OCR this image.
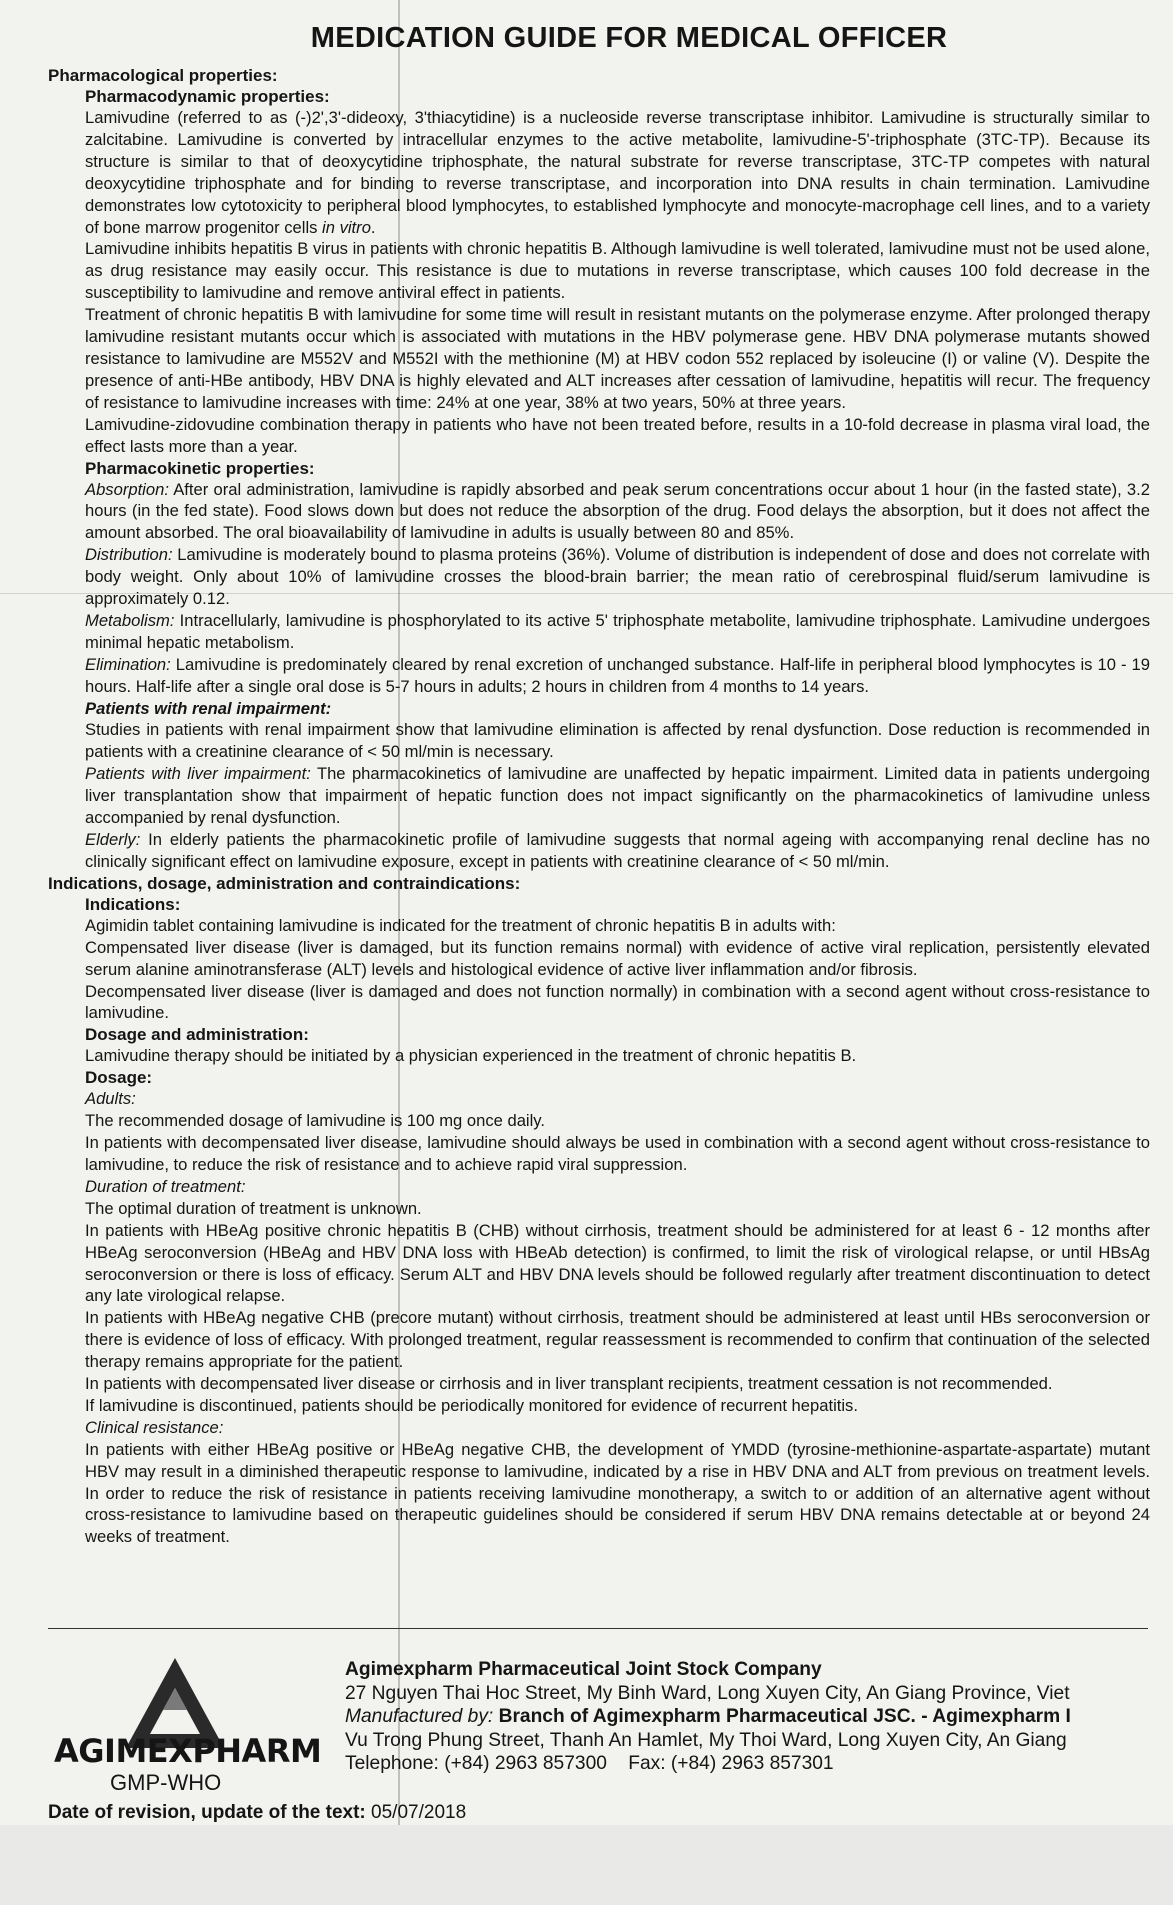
MEDICATION GUIDE FOR MEDICAL OFFICER
Pharmacological properties:
Pharmacodynamic properties:
Lamivudine (referred to as (-)2',3'-dideoxy, 3'thiacytidine) is a nucleoside reverse transcriptase inhibitor. Lamivudine is structurally similar to zalcitabine. Lamivudine is converted by intracellular enzymes to the active metabolite, lamivudine-5'-triphosphate (3TC-TP). Because its structure is similar to that of deoxycytidine triphosphate, the natural substrate for reverse transcriptase, 3TC-TP competes with natural deoxycytidine triphosphate and for binding to reverse transcriptase, and incorporation into DNA results in chain termination. Lamivudine demonstrates low cytotoxicity to peripheral blood lymphocytes, to established lymphocyte and monocyte-macrophage cell lines, and to a variety of bone marrow progenitor cells in vitro.
Lamivudine inhibits hepatitis B virus in patients with chronic hepatitis B. Although lamivudine is well tolerated, lamivudine must not be used alone, as drug resistance may easily occur. This resistance is due to mutations in reverse transcriptase, which causes 100 fold decrease in the susceptibility to lamivudine and remove antiviral effect in patients.
Treatment of chronic hepatitis B with lamivudine for some time will result in resistant mutants on the polymerase enzyme. After prolonged therapy lamivudine resistant mutants occur which is associated with mutations in the HBV polymerase gene. HBV DNA polymerase mutants showed resistance to lamivudine are M552V and M552I with the methionine (M) at HBV codon 552 replaced by isoleucine (I) or valine (V). Despite the presence of anti-HBe antibody, HBV DNA is highly elevated and ALT increases after cessation of lamivudine, hepatitis will recur. The frequency of resistance to lamivudine increases with time: 24% at one year, 38% at two years, 50% at three years.
Lamivudine-zidovudine combination therapy in patients who have not been treated before, results in a 10-fold decrease in plasma viral load, the effect lasts more than a year.
Pharmacokinetic properties:
Absorption: After oral administration, lamivudine is rapidly absorbed and peak serum concentrations occur about 1 hour (in the fasted state), 3.2 hours (in the fed state). Food slows down but does not reduce the absorption of the drug. Food delays the absorption, but it does not affect the amount absorbed. The oral bioavailability of lamivudine in adults is usually between 80 and 85%.
Distribution: Lamivudine is moderately bound to plasma proteins (36%). Volume of distribution is independent of dose and does not correlate with body weight. Only about 10% of lamivudine crosses the blood-brain barrier; the mean ratio of cerebrospinal fluid/serum lamivudine is approximately 0.12.
Metabolism: Intracellularly, lamivudine is phosphorylated to its active 5' triphosphate metabolite, lamivudine triphosphate. Lamivudine undergoes minimal hepatic metabolism.
Elimination: Lamivudine is predominately cleared by renal excretion of unchanged substance. Half-life in peripheral blood lymphocytes is 10 - 19 hours. Half-life after a single oral dose is 5-7 hours in adults; 2 hours in children from 4 months to 14 years.
Patients with renal impairment:
Studies in patients with renal impairment show that lamivudine elimination is affected by renal dysfunction. Dose reduction is recommended in patients with a creatinine clearance of < 50 ml/min is necessary.
Patients with liver impairment: The pharmacokinetics of lamivudine are unaffected by hepatic impairment. Limited data in patients undergoing liver transplantation show that impairment of hepatic function does not impact significantly on the pharmacokinetics of lamivudine unless accompanied by renal dysfunction.
Elderly: In elderly patients the pharmacokinetic profile of lamivudine suggests that normal ageing with accompanying renal decline has no clinically significant effect on lamivudine exposure, except in patients with creatinine clearance of < 50 ml/min.
Indications, dosage, administration and contraindications:
Indications:
Agimidin tablet containing lamivudine is indicated for the treatment of chronic hepatitis B in adults with:
Compensated liver disease (liver is damaged, but its function remains normal) with evidence of active viral replication, persistently elevated serum alanine aminotransferase (ALT) levels and histological evidence of active liver inflammation and/or fibrosis.
Decompensated liver disease (liver is damaged and does not function normally) in combination with a second agent without cross-resistance to lamivudine.
Dosage and administration:
Lamivudine therapy should be initiated by a physician experienced in the treatment of chronic hepatitis B.
Dosage:
Adults:
The recommended dosage of lamivudine is 100 mg once daily.
In patients with decompensated liver disease, lamivudine should always be used in combination with a second agent without cross-resistance to lamivudine, to reduce the risk of resistance and to achieve rapid viral suppression.
Duration of treatment:
The optimal duration of treatment is unknown.
In patients with HBeAg positive chronic hepatitis B (CHB) without cirrhosis, treatment should be administered for at least 6 - 12 months after HBeAg seroconversion (HBeAg and HBV DNA loss with HBeAb detection) is confirmed, to limit the risk of virological relapse, or until HBsAg seroconversion or there is loss of efficacy. Serum ALT and HBV DNA levels should be followed regularly after treatment discontinuation to detect any late virological relapse.
In patients with HBeAg negative CHB (precore mutant) without cirrhosis, treatment should be administered at least until HBs seroconversion or there is evidence of loss of efficacy. With prolonged treatment, regular reassessment is recommended to confirm that continuation of the selected therapy remains appropriate for the patient.
In patients with decompensated liver disease or cirrhosis and in liver transplant recipients, treatment cessation is not recommended.
If lamivudine is discontinued, patients should be periodically monitored for evidence of recurrent hepatitis.
Clinical resistance:
In patients with either HBeAg positive or HBeAg negative CHB, the development of YMDD (tyrosine-methionine-aspartate-aspartate) mutant HBV may result in a diminished therapeutic response to lamivudine, indicated by a rise in HBV DNA and ALT from previous on treatment levels. In order to reduce the risk of resistance in patients receiving lamivudine monotherapy, a switch to or addition of an alternative agent without cross-resistance to lamivudine based on therapeutic guidelines should be considered if serum HBV DNA remains detectable at or beyond 24 weeks of treatment.
AGIMEXPHARM
GMP-WHO
Date of revision, update of the text: 05/07/2018
Agimexpharm Pharmaceutical Joint Stock Company
27 Nguyen Thai Hoc Street, My Binh Ward, Long Xuyen City, An Giang Province, Viet
Manufactured by: Branch of Agimexpharm Pharmaceutical JSC. - Agimexpharm I
Vu Trong Phung Street, Thanh An Hamlet, My Thoi Ward, Long Xuyen City, An Giang
Telephone: (+84) 2963 857300 Fax: (+84) 2963 857301
